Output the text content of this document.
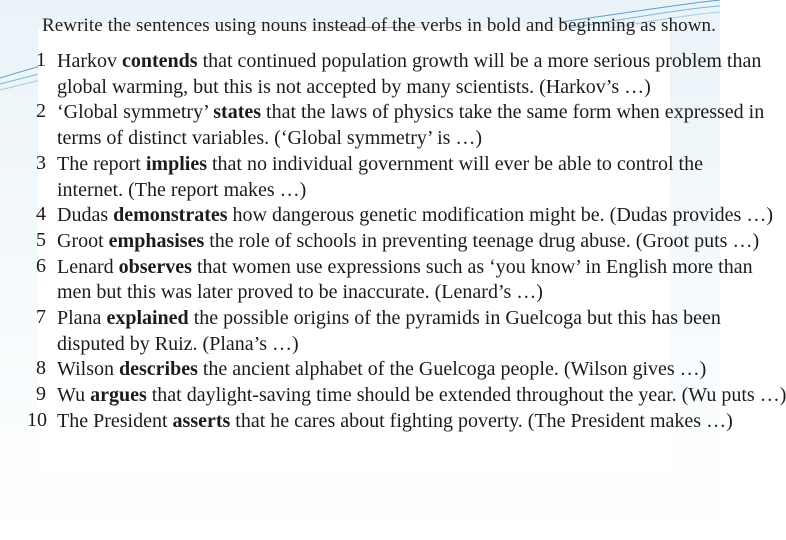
Rewrite the sentences using nouns instead of the verbs in bold and beginning as shown.
1 Harkov contends that continued population growth will be a more serious problem than
global warming, but this is not accepted by many scientists. (Harkov’s …)
2 ‘Global symmetry’ states that the laws of physics take the same form when expressed in
terms of distinct variables. (‘Global symmetry’ is …)
3 The report implies that no individual government will ever be able to control the
internet. (The report makes …)
4 Dudas demonstrates how dangerous genetic modification might be. (Dudas provides …)
5 Groot emphasises the role of schools in preventing teenage drug abuse. (Groot puts …)
6 Lenard observes that women use expressions such as ‘you know’ in English more than
men but this was later proved to be inaccurate. (Lenard’s …)
7 Plana explained the possible origins of the pyramids in Guelcoga but this has been
disputed by Ruiz. (Plana’s …)
8 Wilson describes the ancient alphabet of the Guelcoga people. (Wilson gives …)
9 Wu argues that daylight-saving time should be extended throughout the year. (Wu puts …)
10 The President asserts that he cares about fighting poverty. (The President makes …)
